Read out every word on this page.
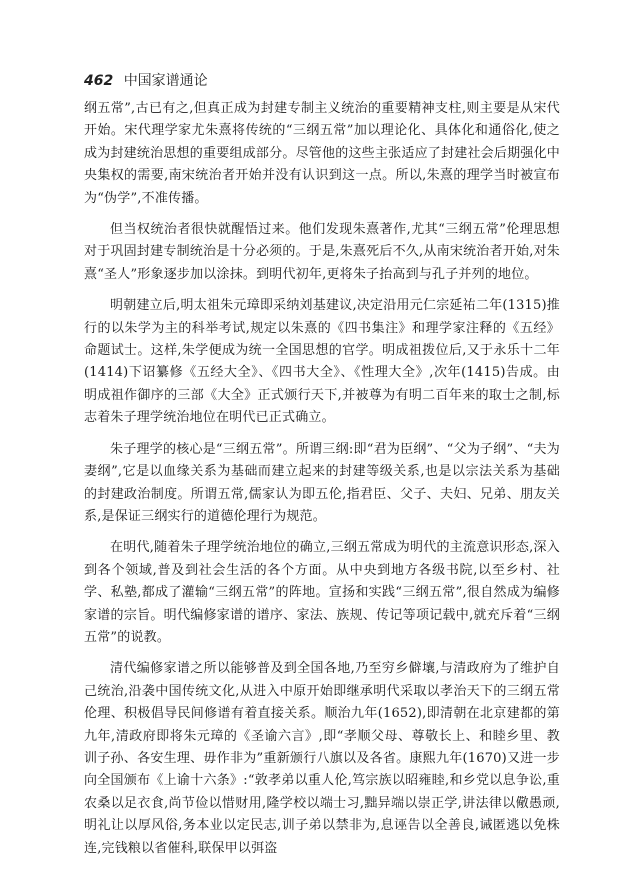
462 中国家谱通论

纲五常”,古已有之,但真正成为封建专制主义统治的重要精神支柱,则主要是从宋代开始。宋代理学家尤朱熹将传统的“三纲五常”加以理论化、具体化和通俗化,使之成为封建统治思想的重要组成部分。尽管他的这些主张适应了封建社会后期强化中央集权的需要,南宋统治者开始并没有认识到这一点。所以,朱熹的理学当时被宣布为“伪学”,不准传播。

但当权统治者很快就醒悟过来。他们发现朱熹著作,尤其“三纲五常”伦理思想对于巩固封建专制统治是十分必须的。于是,朱熹死后不久,从南宋统治者开始,对朱熹“圣人”形象逐步加以涂抹。到明代初年,更将朱子抬高到与孔子并列的地位。

明朝建立后,明太祖朱元璋即采纳刘基建议,决定沿用元仁宗延祐二年(1315)推行的以朱学为主的科举考试,规定以朱熹的《四书集注》和理学家注释的《五经》命题试士。这样,朱学便成为统一全国思想的官学。明成祖拨位后,又于永乐十二年(1414)下诏纂修《五经大全》、《四书大全》、《性理大全》,次年(1415)告成。由明成祖作御序的三部《大全》正式颁行天下,并被尊为有明二百年来的取士之制,标志着朱子理学统治地位在明代已正式确立。

朱子理学的核心是“三纲五常”。所谓三纲:即“君为臣纲”、“父为子纲”、“夫为妻纲”,它是以血缘关系为基础而建立起来的封建等级关系,也是以宗法关系为基础的封建政治制度。所谓五常,儒家认为即五伦,指君臣、父子、夫妇、兄弟、朋友关系,是保证三纲实行的道德伦理行为规范。

在明代,随着朱子理学统治地位的确立,三纲五常成为明代的主流意识形态,深入到各个领域,普及到社会生活的各个方面。从中央到地方各级书院,以至乡村、社学、私塾,都成了灌输“三纲五常”的阵地。宣扬和实践“三纲五常”,很自然成为编修家谱的宗旨。明代编修家谱的谱序、家法、族规、传记等项记载中,就充斥着“三纲五常”的说教。

清代编修家谱之所以能够普及到全国各地,乃至穷乡僻壤,与清政府为了维护自己统治,沿袭中国传统文化,从进入中原开始即继承明代采取以孝治天下的三纲五常伦理、积极倡导民间修谱有着直接关系。顺治九年(1652),即清朝在北京建都的第九年,清政府即将朱元璋的《圣谕六言》,即“孝顺父母、尊敬长上、和睦乡里、教训子孙、各安生理、毋作非为”重新颁行八旗以及各省。康熙九年(1670)又进一步向全国颁布《上谕十六条》:“敦孝弟以重人伦,笃宗族以昭雍睦,和乡党以息争讼,重农桑以足衣食,尚节俭以惜财用,隆学校以端士习,黜异端以崇正学,讲法律以儆愚顽,明礼让以厚风俗,务本业以定民志,训子弟以禁非为,息诬告以全善良,诫匿逃以免株连,完钱粮以省催科,联保甲以弭盗
